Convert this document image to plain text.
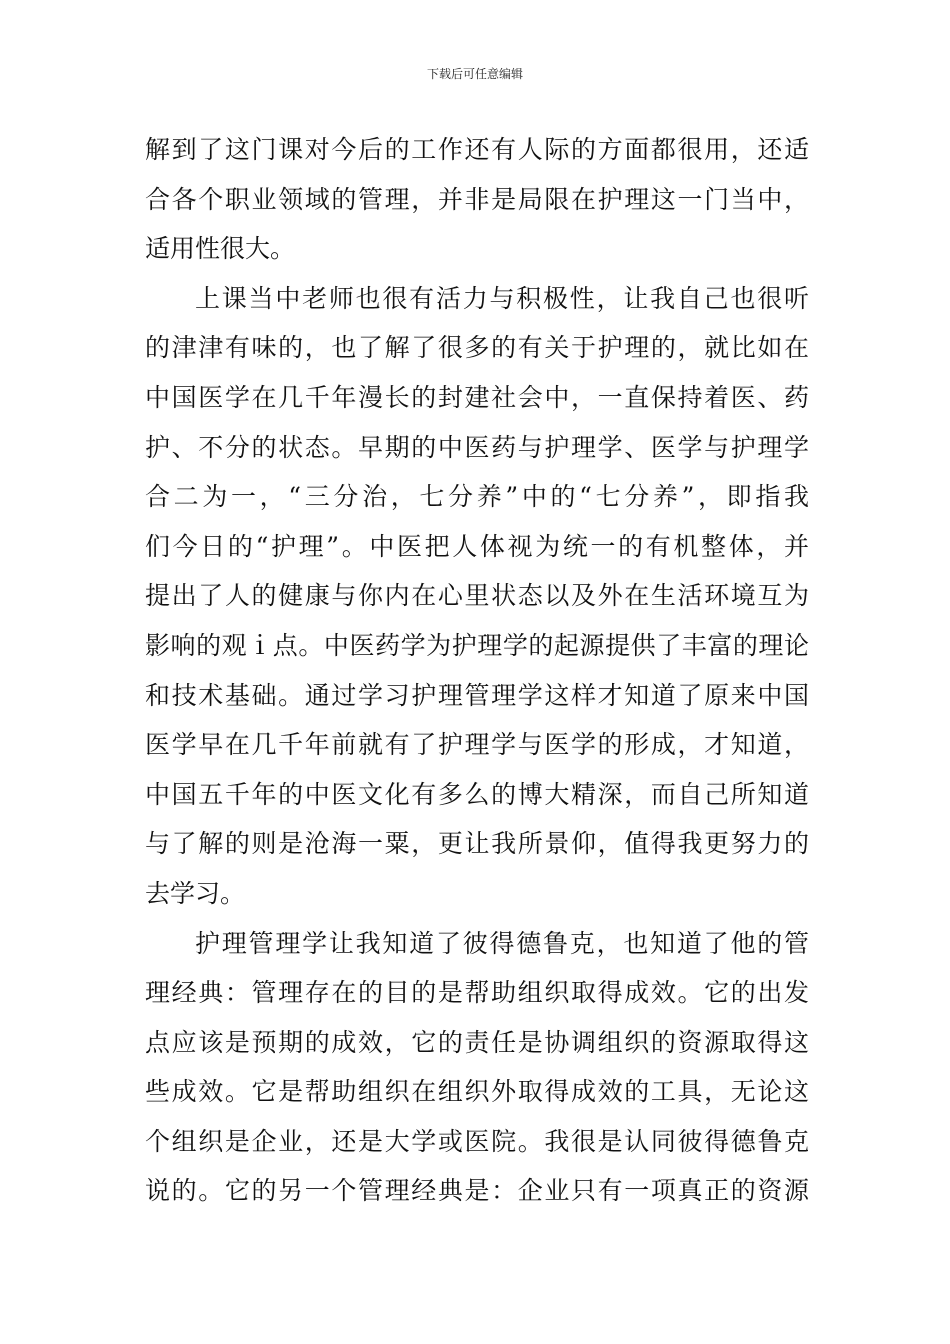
下载后可任意编辑
解到了这门课对今后的工作还有人际的方面都很用，还适
合各个职业领域的管理，并非是局限在护理这一门当中，
适用性很大。
上课当中老师也很有活力与积极性，让我自己也很听
的津津有味的，也了解了很多的有关于护理的，就比如在
中国医学在几千年漫长的封建社会中，一直保持着医、药
护、不分的状态。早期的中医药与护理学、医学与护理学
合二为一，“三分治，七分养”中的“七分养”，即指我
们今日的“护理”。中医把人体视为统一的有机整体，并
提出了人的健康与你内在心里状态以及外在生活环境互为
影响的观ｉ点。中医药学为护理学的起源提供了丰富的理论
和技术基础。通过学习护理管理学这样才知道了原来中国
医学早在几千年前就有了护理学与医学的形成，才知道，
中国五千年的中医文化有多么的博大精深，而自己所知道
与了解的则是沧海一粟，更让我所景仰，值得我更努力的
去学习。
护理管理学让我知道了彼得德鲁克，也知道了他的管
理经典：管理存在的目的是帮助组织取得成效。它的出发
点应该是预期的成效，它的责任是协调组织的资源取得这
些成效。它是帮助组织在组织外取得成效的工具，无论这
个组织是企业，还是大学或医院。我很是认同彼得德鲁克
说的。它的另一个管理经典是：企业只有一项真正的资源
